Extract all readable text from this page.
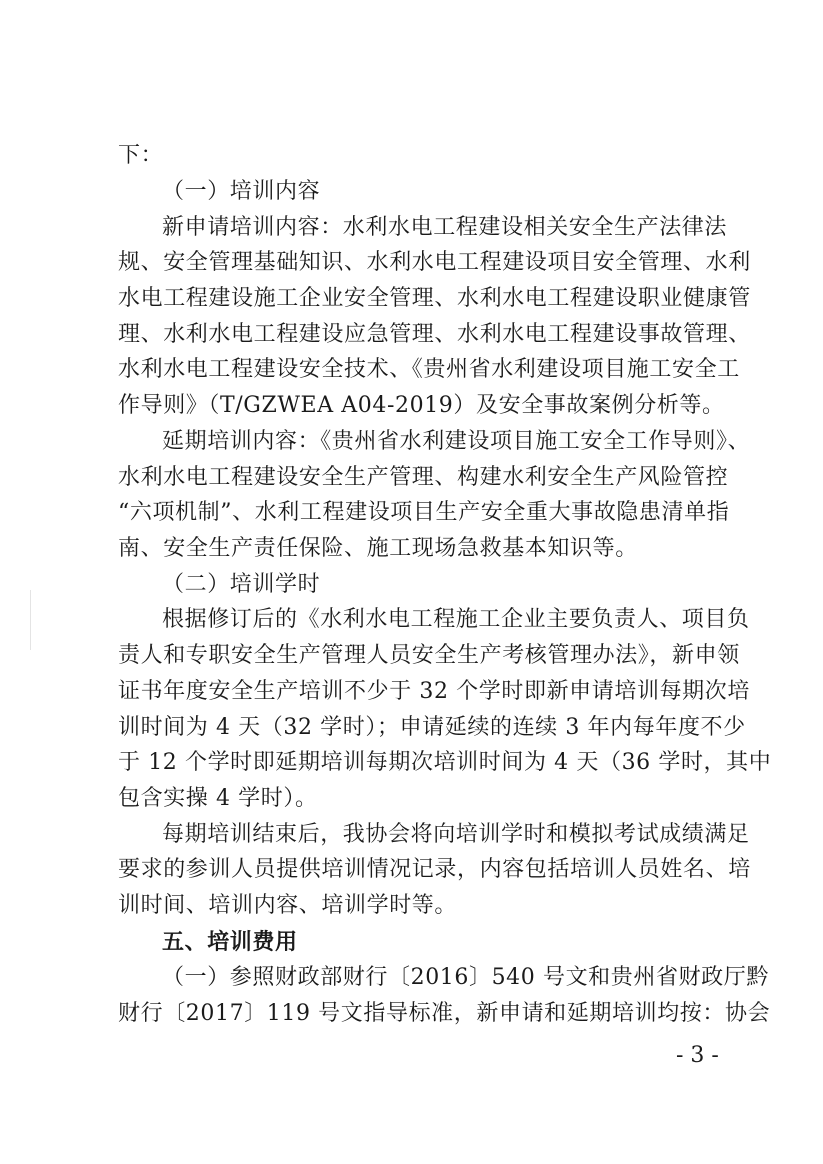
下：
（一）培训内容
新申请培训内容：水利水电工程建设相关安全生产法律法
规、安全管理基础知识、水利水电工程建设项目安全管理、水利
水电工程建设施工企业安全管理、水利水电工程建设职业健康管
理、水利水电工程建设应急管理、水利水电工程建设事故管理、
水利水电工程建设安全技术、《贵州省水利建设项目施工安全工
作导则》（T/GZWEA A04-2019）及安全事故案例分析等。
延期培训内容：《贵州省水利建设项目施工安全工作导则》、
水利水电工程建设安全生产管理、构建水利安全生产风险管控
“六项机制”、水利工程建设项目生产安全重大事故隐患清单指
南、安全生产责任保险、施工现场急救基本知识等。
（二）培训学时
根据修订后的《水利水电工程施工企业主要负责人、项目负
责人和专职安全生产管理人员安全生产考核管理办法》，新申领
证书年度安全生产培训不少于 32 个学时即新申请培训每期次培
训时间为 4 天（32 学时）；申请延续的连续 3 年内每年度不少
于 12 个学时即延期培训每期次培训时间为 4 天（36 学时，其中
包含实操 4 学时）。
每期培训结束后，我协会将向培训学时和模拟考试成绩满足
要求的参训人员提供培训情况记录，内容包括培训人员姓名、培
训时间、培训内容、培训学时等。
五、培训费用
（一）参照财政部财行〔2016〕540 号文和贵州省财政厅黔
财行〔2017〕119 号文指导标准，新申请和延期培训均按：协会
- 3 -
